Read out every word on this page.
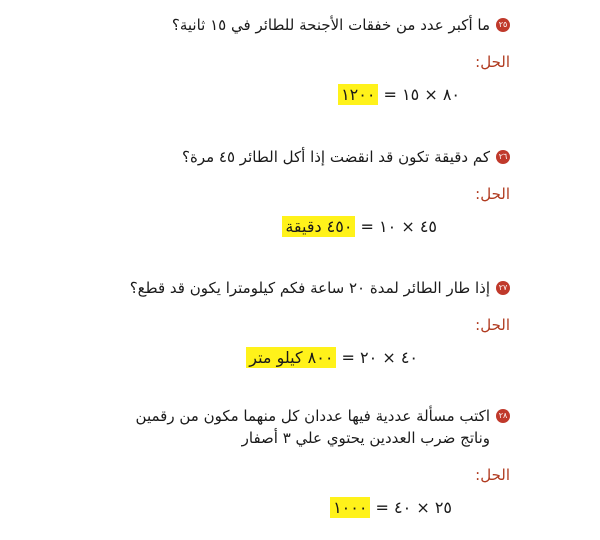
٢٥
ما أكبر عدد من خفقات الأجنحة للطائر في ١٥ ثانية؟
الحل:
٨٠ × ١٥ = ١٢٠٠
٢٦
كم دقيقة تكون قد انقضت إذا أكل الطائر ٤٥ مرة؟
الحل:
٤٥ × ١٠ = ٤٥٠ دقيقة
٢٧
إذا طار الطائر لمدة ٢٠ ساعة فكم كيلومترا يكون قد قطع؟
الحل:
٤٠ × ٢٠ = ٨٠٠ كيلو متر
٢٨
اكتب مسألة عددية فيها عددان كل منهما مكون من رقمين
وناتج ضرب العددين يحتوي علي ٣ أصفار
الحل:
٢٥ × ٤٠ = ١٠٠٠
